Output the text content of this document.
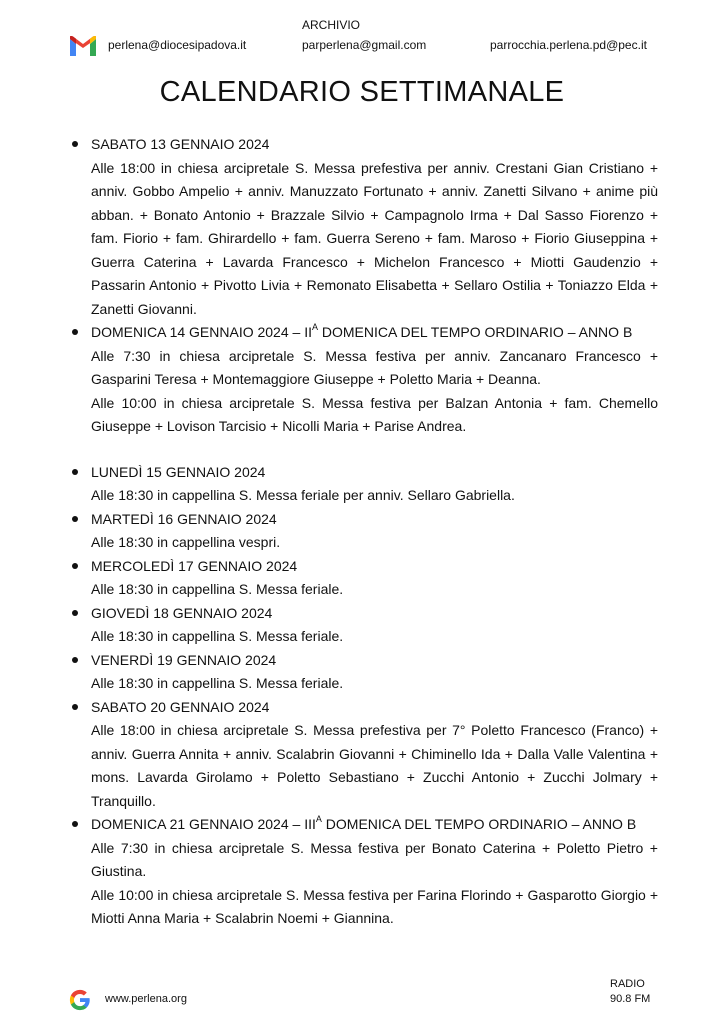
ARCHIVIO
perlena@diocesipadova.it	parperlena@gmail.com	parrocchia.perlena.pd@pec.it
CALENDARIO SETTIMANALE
SABATO 13 GENNAIO 2024
Alle 18:00 in chiesa arcipretale S. Messa prefestiva per anniv. Crestani Gian Cristiano + anniv. Gobbo Ampelio + anniv. Manuzzato Fortunato + anniv. Zanetti Silvano + anime più abban. + Bonato Antonio + Brazzale Silvio + Campagnolo Irma + Dal Sasso Fiorenzo + fam. Fiorio + fam. Ghirardello + fam. Guerra Sereno + fam. Maroso + Fiorio Giuseppina + Guerra Caterina + Lavarda Francesco + Michelon Francesco + Miotti Gaudenzio + Passarin Antonio + Pivotto Livia + Remonato Elisabetta + Sellaro Ostilia + Toniazzo Elda + Zanetti Giovanni.
DOMENICA 14 GENNAIO $2024 - II^A$ DOMENICA DEL TEMPO ORDINARIO – ANNO B
Alle 7:30 in chiesa arcipretale S. Messa festiva per anniv. Zancanaro Francesco + Gasparini Teresa + Montemaggiore Giuseppe + Poletto Maria + Deanna.
Alle 10:00 in chiesa arcipretale S. Messa festiva per Balzan Antonia + fam. Chemello Giuseppe + Lovison Tarcisio + Nicolli Maria + Parise Andrea.
LUNEDÌ 15 GENNAIO 2024
Alle 18:30 in cappellina S. Messa feriale per anniv. Sellaro Gabriella.
MARTEDÌ 16 GENNAIO 2024
Alle 18:30 in cappellina vespri.
MERCOLEDÌ 17 GENNAIO 2024
Alle 18:30 in cappellina S. Messa feriale.
GIOVEDÌ 18 GENNAIO 2024
Alle 18:30 in cappellina S. Messa feriale.
VENERDÌ 19 GENNAIO 2024
Alle 18:30 in cappellina S. Messa feriale.
SABATO 20 GENNAIO 2024
Alle 18:00 in chiesa arcipretale S. Messa prefestiva per 7° Poletto Francesco (Franco) + anniv. Guerra Annita + anniv. Scalabrin Giovanni + Chiminello Ida + Dalla Valle Valentina + mons. Lavarda Girolamo + Poletto Sebastiano + Zucchi Antonio + Zucchi Jolmary + Tranquillo.
DOMENICA 21 GENNAIO $2024 - III^A$ DOMENICA DEL TEMPO ORDINARIO – ANNO B
Alle 7:30 in chiesa arcipretale S. Messa festiva per Bonato Caterina + Poletto Pietro + Giustina.
Alle 10:00 in chiesa arcipretale S. Messa festiva per Farina Florindo + Gasparotto Giorgio + Miotti Anna Maria + Scalabrin Noemi + Giannina.
www.perlena.org
RADIO
90.8 FM
